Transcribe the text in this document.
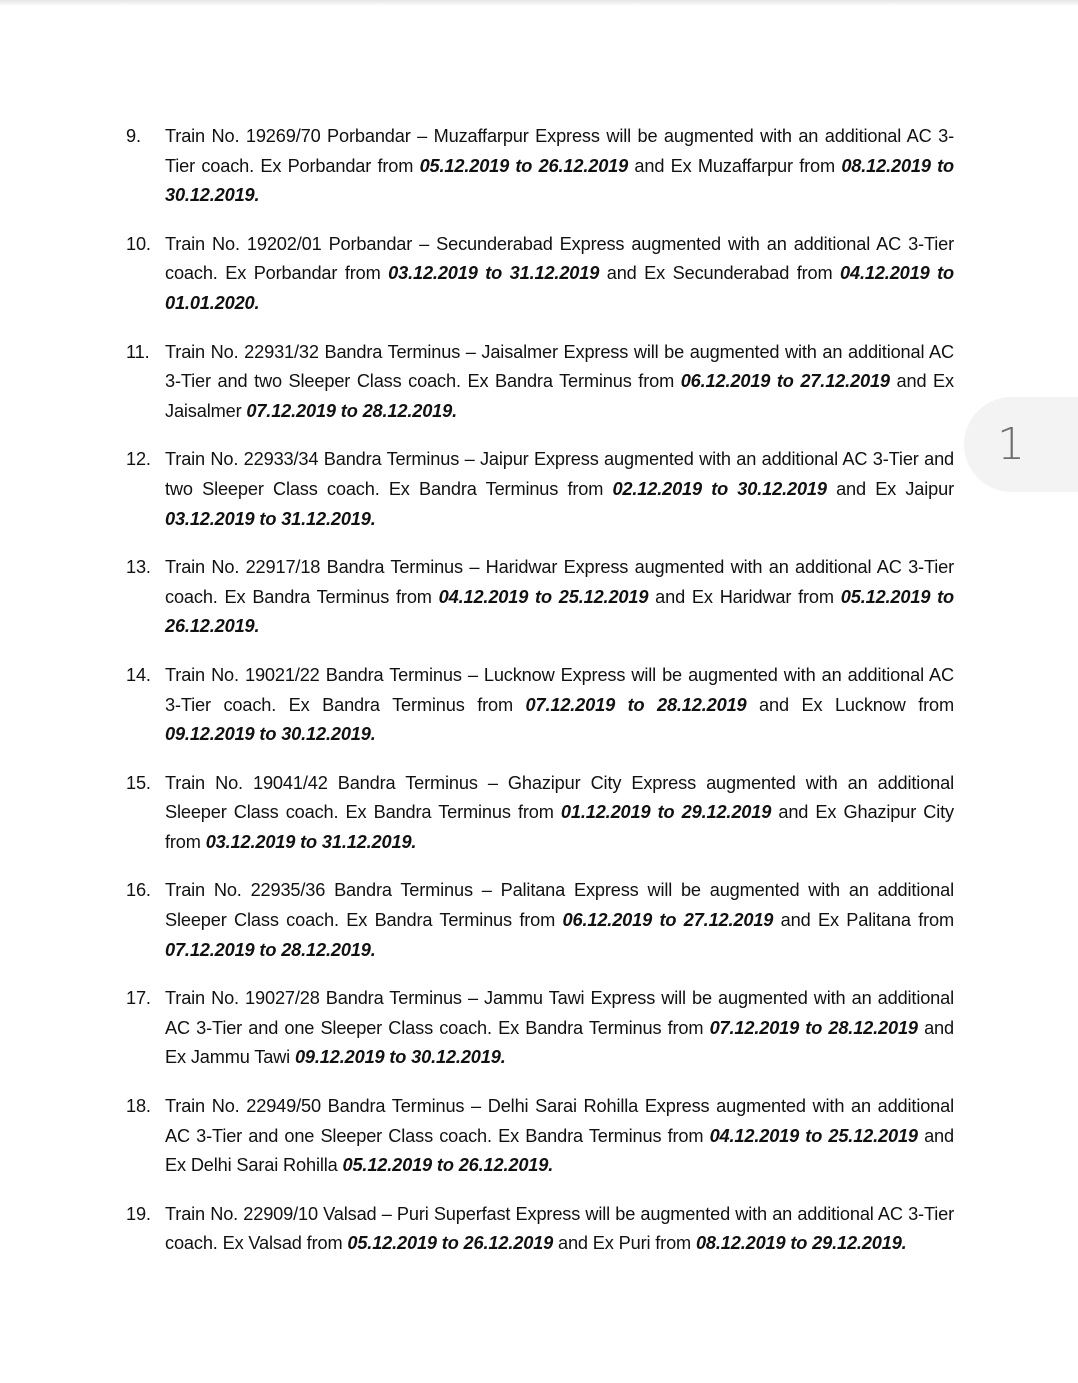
9.	Train No. 19269/70 Porbandar – Muzaffarpur Express will be augmented with an additional AC 3-Tier coach. Ex Porbandar from 05.12.2019 to 26.12.2019 and Ex Muzaffarpur from 08.12.2019 to 30.12.2019.
10. Train No. 19202/01 Porbandar – Secunderabad Express augmented with an additional AC 3-Tier coach. Ex Porbandar from 03.12.2019 to 31.12.2019 and Ex Secunderabad from 04.12.2019 to 01.01.2020.
11. Train No. 22931/32 Bandra Terminus – Jaisalmer Express will be augmented with an additional AC 3-Tier and two Sleeper Class coach. Ex Bandra Terminus from 06.12.2019 to 27.12.2019 and Ex Jaisalmer 07.12.2019 to 28.12.2019.
12. Train No. 22933/34 Bandra Terminus – Jaipur Express augmented with an additional AC 3-Tier and two Sleeper Class coach. Ex Bandra Terminus from 02.12.2019 to 30.12.2019 and Ex Jaipur 03.12.2019 to 31.12.2019.
13. Train No. 22917/18 Bandra Terminus – Haridwar Express augmented with an additional AC 3-Tier coach. Ex Bandra Terminus from 04.12.2019 to 25.12.2019 and Ex Haridwar from 05.12.2019 to 26.12.2019.
14. Train No. 19021/22 Bandra Terminus – Lucknow Express will be augmented with an additional AC 3-Tier coach. Ex Bandra Terminus from 07.12.2019 to 28.12.2019 and Ex Lucknow from 09.12.2019 to 30.12.2019.
15. Train No. 19041/42 Bandra Terminus – Ghazipur City Express augmented with an additional Sleeper Class coach. Ex Bandra Terminus from 01.12.2019 to 29.12.2019 and Ex Ghazipur City from 03.12.2019 to 31.12.2019.
16. Train No. 22935/36 Bandra Terminus – Palitana Express will be augmented with an additional Sleeper Class coach. Ex Bandra Terminus from 06.12.2019 to 27.12.2019 and Ex Palitana from 07.12.2019 to 28.12.2019.
17. Train No. 19027/28 Bandra Terminus – Jammu Tawi Express will be augmented with an additional AC 3-Tier and one Sleeper Class coach. Ex Bandra Terminus from 07.12.2019 to 28.12.2019 and Ex Jammu Tawi 09.12.2019 to 30.12.2019.
18. Train No. 22949/50 Bandra Terminus – Delhi Sarai Rohilla Express augmented with an additional AC 3-Tier and one Sleeper Class coach. Ex Bandra Terminus from 04.12.2019 to 25.12.2019 and Ex Delhi Sarai Rohilla 05.12.2019 to 26.12.2019.
19. Train No. 22909/10 Valsad – Puri Superfast Express will be augmented with an additional AC 3-Tier coach. Ex Valsad from 05.12.2019 to 26.12.2019 and Ex Puri from 08.12.2019 to 29.12.2019.
1
